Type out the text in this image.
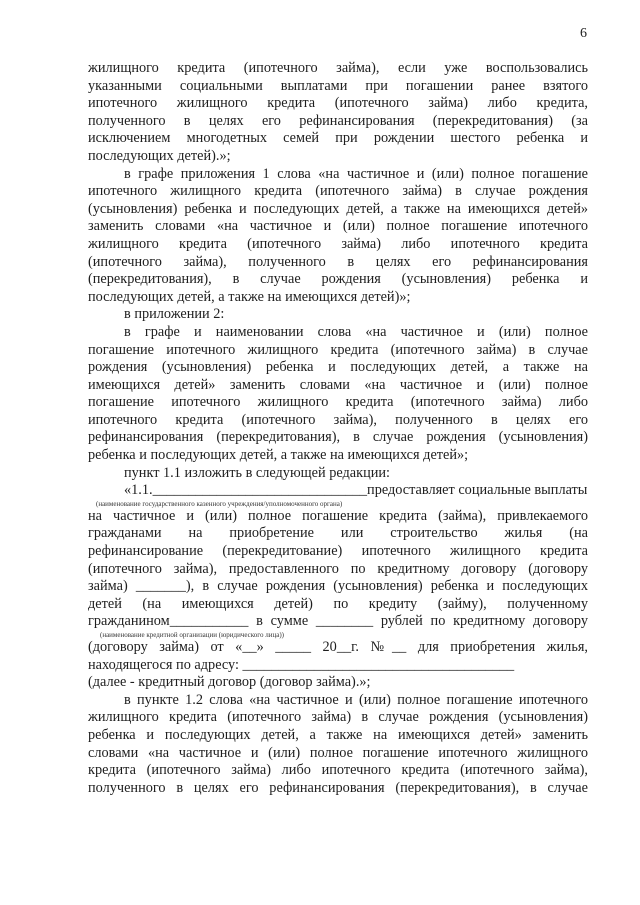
6
жилищного кредита (ипотечного займа), если уже воспользовались
указанными социальными выплатами при погашении ранее взятого
ипотечного жилищного кредита (ипотечного займа) либо кредита,
полученного в целях его рефинансирования (перекредитования) (за
исключением многодетных семей при рождении шестого ребенка и
последующих детей).»;
в графе приложения 1 слова «на частичное и (или) полное погашение
ипотечного жилищного кредита (ипотечного займа) в случае рождения
(усыновления) ребенка и последующих детей, а также на имеющихся детей»
заменить словами «на частичное и (или) полное погашение ипотечного
жилищного кредита (ипотечного займа) либо ипотечного кредита
(ипотечного займа), полученного в целях его рефинансирования
(перекредитования), в случае рождения (усыновления) ребенка и
последующих детей, а также на имеющихся детей)»;
в приложении 2:
в графе и наименовании слова «на частичное и (или) полное
погашение ипотечного жилищного кредита (ипотечного займа) в случае
рождения (усыновления) ребенка и последующих детей, а также на
имеющихся детей» заменить словами «на частичное и (или) полное
погашение ипотечного жилищного кредита (ипотечного займа) либо
ипотечного кредита (ипотечного займа), полученного в целях его
рефинансирования (перекредитования), в случае рождения (усыновления)
ребенка и последующих детей, а также на имеющихся детей»;
пункт 1.1 изложить в следующей редакции:
«1.1.______________________________предоставляет социальные выплаты
(наименование государственного казенного учреждения/уполномоченного органа)
на частичное и (или) полное погашение кредита (займа), привлекаемого
гражданами на приобретение или строительство жилья (на
рефинансирование (перекредитование) ипотечного жилищного кредита
(ипотечного займа), предоставленного по кредитному договору (договору
займа) _______), в случае рождения (усыновления) ребенка и последующих
детей (на имеющихся детей) по кредиту (займу), полученному
гражданином___________ в сумме ________ рублей по кредитному договору
(наименование кредитной организации (юридического лица))
(договору займа) от «__» _____ 20__г. №__ для приобретения жилья,
находящегося по адресу: ______________________________________
(далее - кредитный договор (договор займа).»;
в пункте 1.2 слова «на частичное и (или) полное погашение ипотечного
жилищного кредита (ипотечного займа) в случае рождения (усыновления)
ребенка и последующих детей, а также на имеющихся детей» заменить
словами «на частичное и (или) полное погашение ипотечного жилищного
кредита (ипотечного займа) либо ипотечного кредита (ипотечного займа),
полученного в целях его рефинансирования (перекредитования), в случае
